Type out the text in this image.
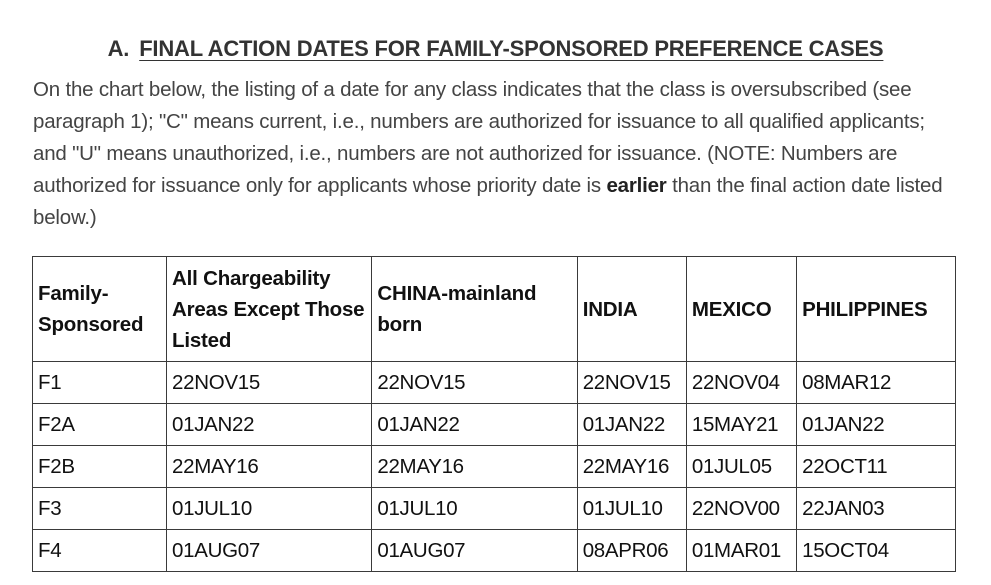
A. FINAL ACTION DATES FOR FAMILY-SPONSORED PREFERENCE CASES

On the chart below, the listing of a date for any class indicates that the class is oversubscribed (see paragraph 1); "C" means current, i.e., numbers are authorized for issuance to all qualified applicants; and "U" means unauthorized, i.e., numbers are not authorized for issuance. (NOTE: Numbers are authorized for issuance only for applicants whose priority date is earlier than the final action date listed below.)

Family-Sponsored	All Chargeability Areas Except Those Listed	CHINA-mainland born	INDIA	MEXICO	PHILIPPINES
F1	22NOV15	22NOV15	22NOV15	22NOV04	08MAR12
F2A	01JAN22	01JAN22	01JAN22	15MAY21	01JAN22
F2B	22MAY16	22MAY16	22MAY16	01JUL05	22OCT11
F3	01JUL10	01JUL10	01JUL10	22NOV00	22JAN03
F4	01AUG07	01AUG07	08APR06	01MAR01	15OCT04
